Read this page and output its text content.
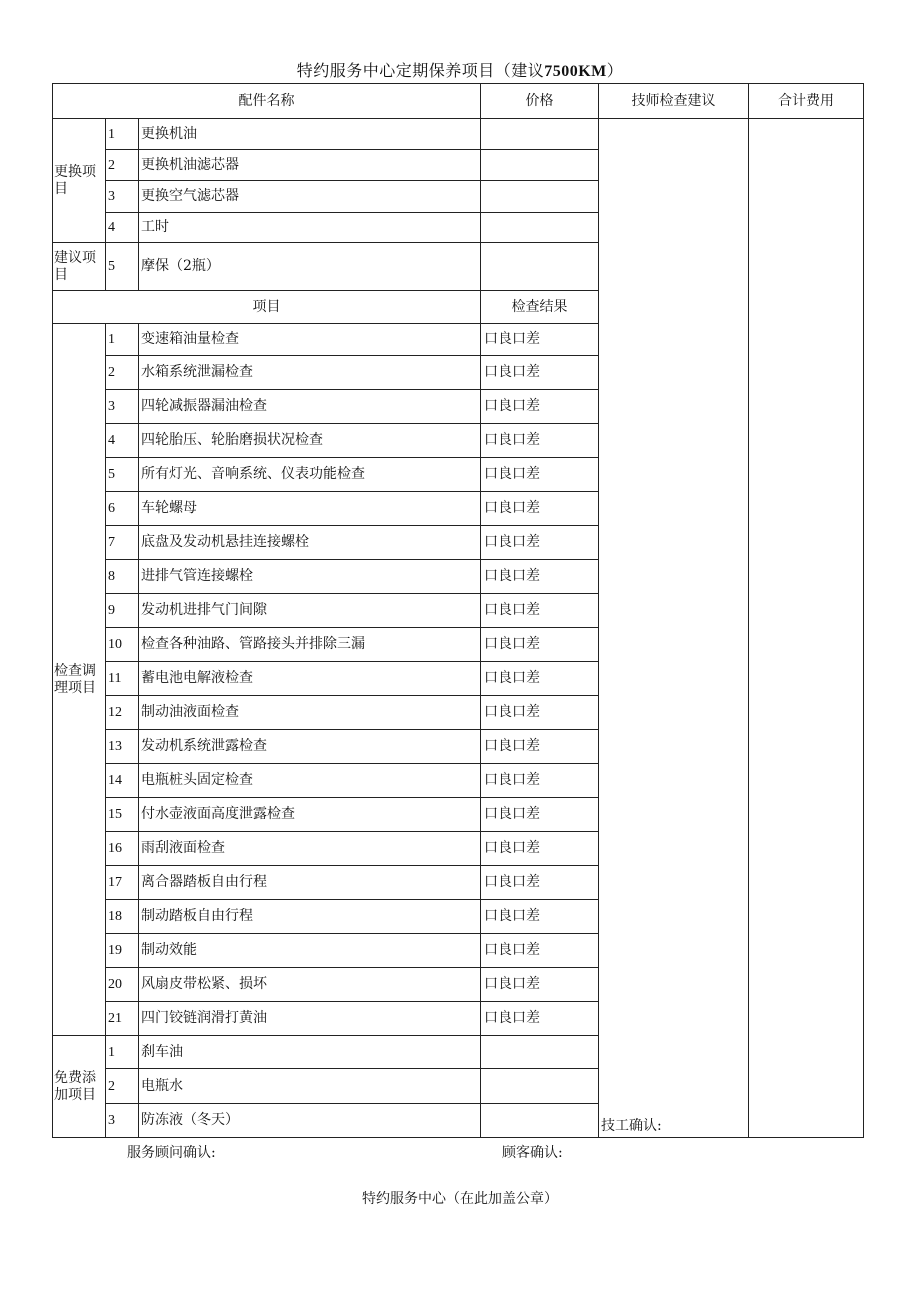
特约服务中心定期保养项目（建议7500KM）
配件名称			价格	技师检查建议	合计费用
更换项目	1	更换机油		技工确认:	
	2	更换机油滤芯器			
	3	更换空气滤芯器			
	4	工时			
建议项目	5	摩保（2瓶）			
项目			检查结果		
检查调理项目	1	变速箱油量检查	口良口差		
	2	水箱系统泄漏检查	口良口差		
	3	四轮减振器漏油检查	口良口差		
	4	四轮胎压、轮胎磨损状况检查	口良口差		
	5	所有灯光、音响系统、仪表功能检查	口良口差		
	6	车轮螺母	口良口差		
	7	底盘及发动机悬挂连接螺栓	口良口差		
	8	进排气管连接螺栓	口良口差		
	9	发动机进排气门间隙	口良口差		
	10	检查各种油路、管路接头并排除三漏	口良口差		
	11	蓄电池电解液检查	口良口差		
	12	制动油液面检查	口良口差		
	13	发动机系统泄露检查	口良口差		
	14	电瓶桩头固定检查	口良口差		
	15	付水壶液面高度泄露检查	口良口差		
	16	雨刮液面检查	口良口差		
	17	离合器踏板自由行程	口良口差		
	18	制动踏板自由行程	口良口差		
	19	制动效能	口良口差		
	20	风扇皮带松紧、损坏	口良口差		
	21	四门铰链润滑打黄油	口良口差		
免费添加项目	1	刹车油			
	2	电瓶水			
	3	防冻液（冬天）			
服务顾问确认:	顾客确认:
特约服务中心（在此加盖公章）
